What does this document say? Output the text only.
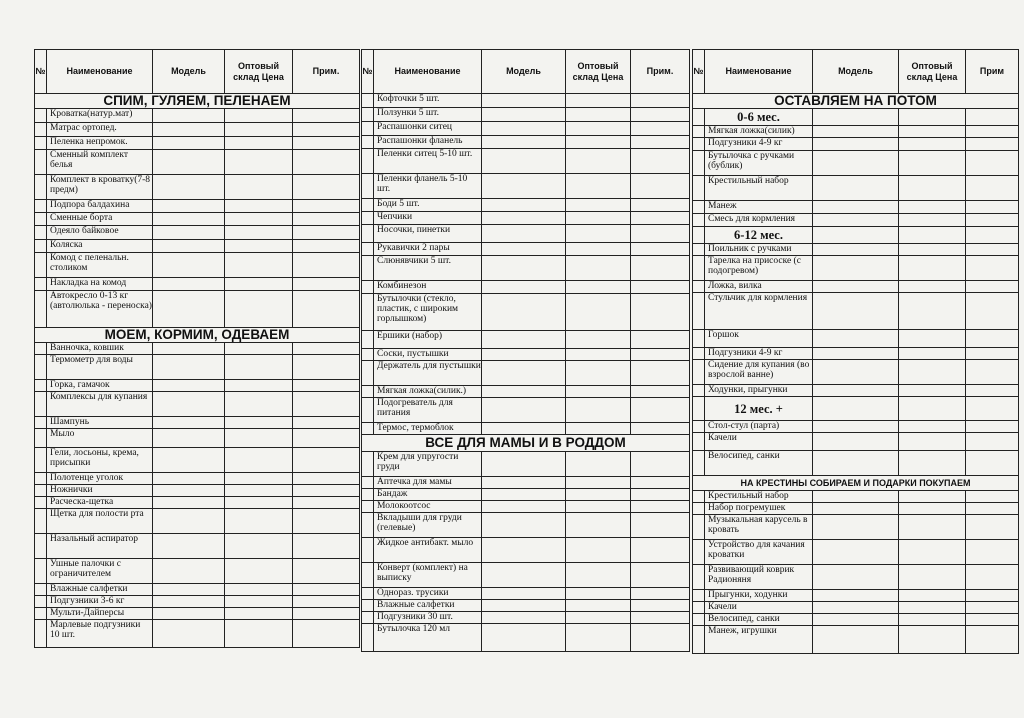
№	Наименование	Модель	Оптовый склад Цена	Прим.
СПИМ, ГУЛЯЕМ, ПЕЛЕНАЕМ				
	Кроватка(натур.мат)			
	Матрас ортопед.			
	Пеленка непромок.			
	Сменный комплект белья			
	Комплект в кроватку(7-8 предм)			
	Подпора балдахина			
	Сменные борта			
	Одеяло байковое			
	Коляска			
	Комод с пеленальн. столиком			
	Накладка на комод			
	Автокресло 0-13 кг (автолюлька - переноска)			
МОЕМ, КОРМИМ, ОДЕВАЕМ				
	Ванночка, ковшик			
	Термометр для воды			
	Горка, гамачок			
	Комплексы для купания			
	Шампунь			
	Мыло			
	Гели, лосьоны, крема, присыпки			
	Полотенце уголок			
	Ножнички			
	Расческа-щетка			
	Щетка для полости рта			
	Назальный аспиратор			
	Ушные палочки с ограничителем			
	Влажные салфетки			
	Подгузники 3-6 кг			
	Мульти-Дайперсы			
	Марлевые подгузники 10 шт.			
№	Наименование	Модель	Оптовый склад Цена	Прим.
	Кофточки 5 шт.			
	Ползунки 5 шт.			
	Распашонки ситец			
	Распашонки фланель			
	Пеленки ситец 5-10 шт.			
	Пеленки фланель 5-10 шт.			
	Боди 5 шт.			
	Чепчики			
	Носочки, пинетки			
	Рукавички 2 пары			
	Слюнявчики 5 шт.			
	Комбинезон			
	Бутылочки (стекло, пластик, с широким горлышком)			
	Ершики (набор)			
	Соски, пустышки			
	Держатель для пустышки			
	Мягкая ложка(силик.)			
	Подогреватель для питания			
	Термос, термоблок			
ВСЕ ДЛЯ МАМЫ И В РОДДОМ				
	Крем для упругости груди			
	Аптечка для мамы			
	Бандаж			
	Молокоотсос			
	Вкладыши для груди (гелевые)			
	Жидкое антибакт. мыло			
	Конверт (комплект) на выписку			
	Однораз. трусики			
	Влажные салфетки			
	Подгузники 30 шт.			
	Бутылочка 120 мл			
№	Наименование	Модель	Оптовый склад Цена	Прим
ОСТАВЛЯЕМ НА ПОТОМ				
	0-6 мес.			
	Мягкая ложка(силик)			
	Подгузники 4-9 кг			
	Бутылочка с ручками (бублик)			
	Крестильный набор			
	Манеж			
	Смесь для кормления			
	6-12 мес.			
	Поильник с ручками			
	Тарелка на присоске (с подогревом)			
	Ложка, вилка			
	Стульчик для кормления			
	Горшок			
	Подгузники 4-9 кг			
	Сидение для купания (во взрослой ванне)			
	Ходунки, прыгунки			
	12 мес. +			
	Стол-стул (парта)			
	Качели			
	Велосипед, санки			
НА КРЕСТИНЫ СОБИРАЕМ И ПОДАРКИ ПОКУПАЕМ				
	Крестильный набор			
	Набор погремушек			
	Музыкальная карусель в кровать			
	Устройство для качания кроватки			
	Развивающий коврик Радионяня			
	Прыгунки, ходунки			
	Качели			
	Велосипед, санки			
	Манеж, игрушки			
